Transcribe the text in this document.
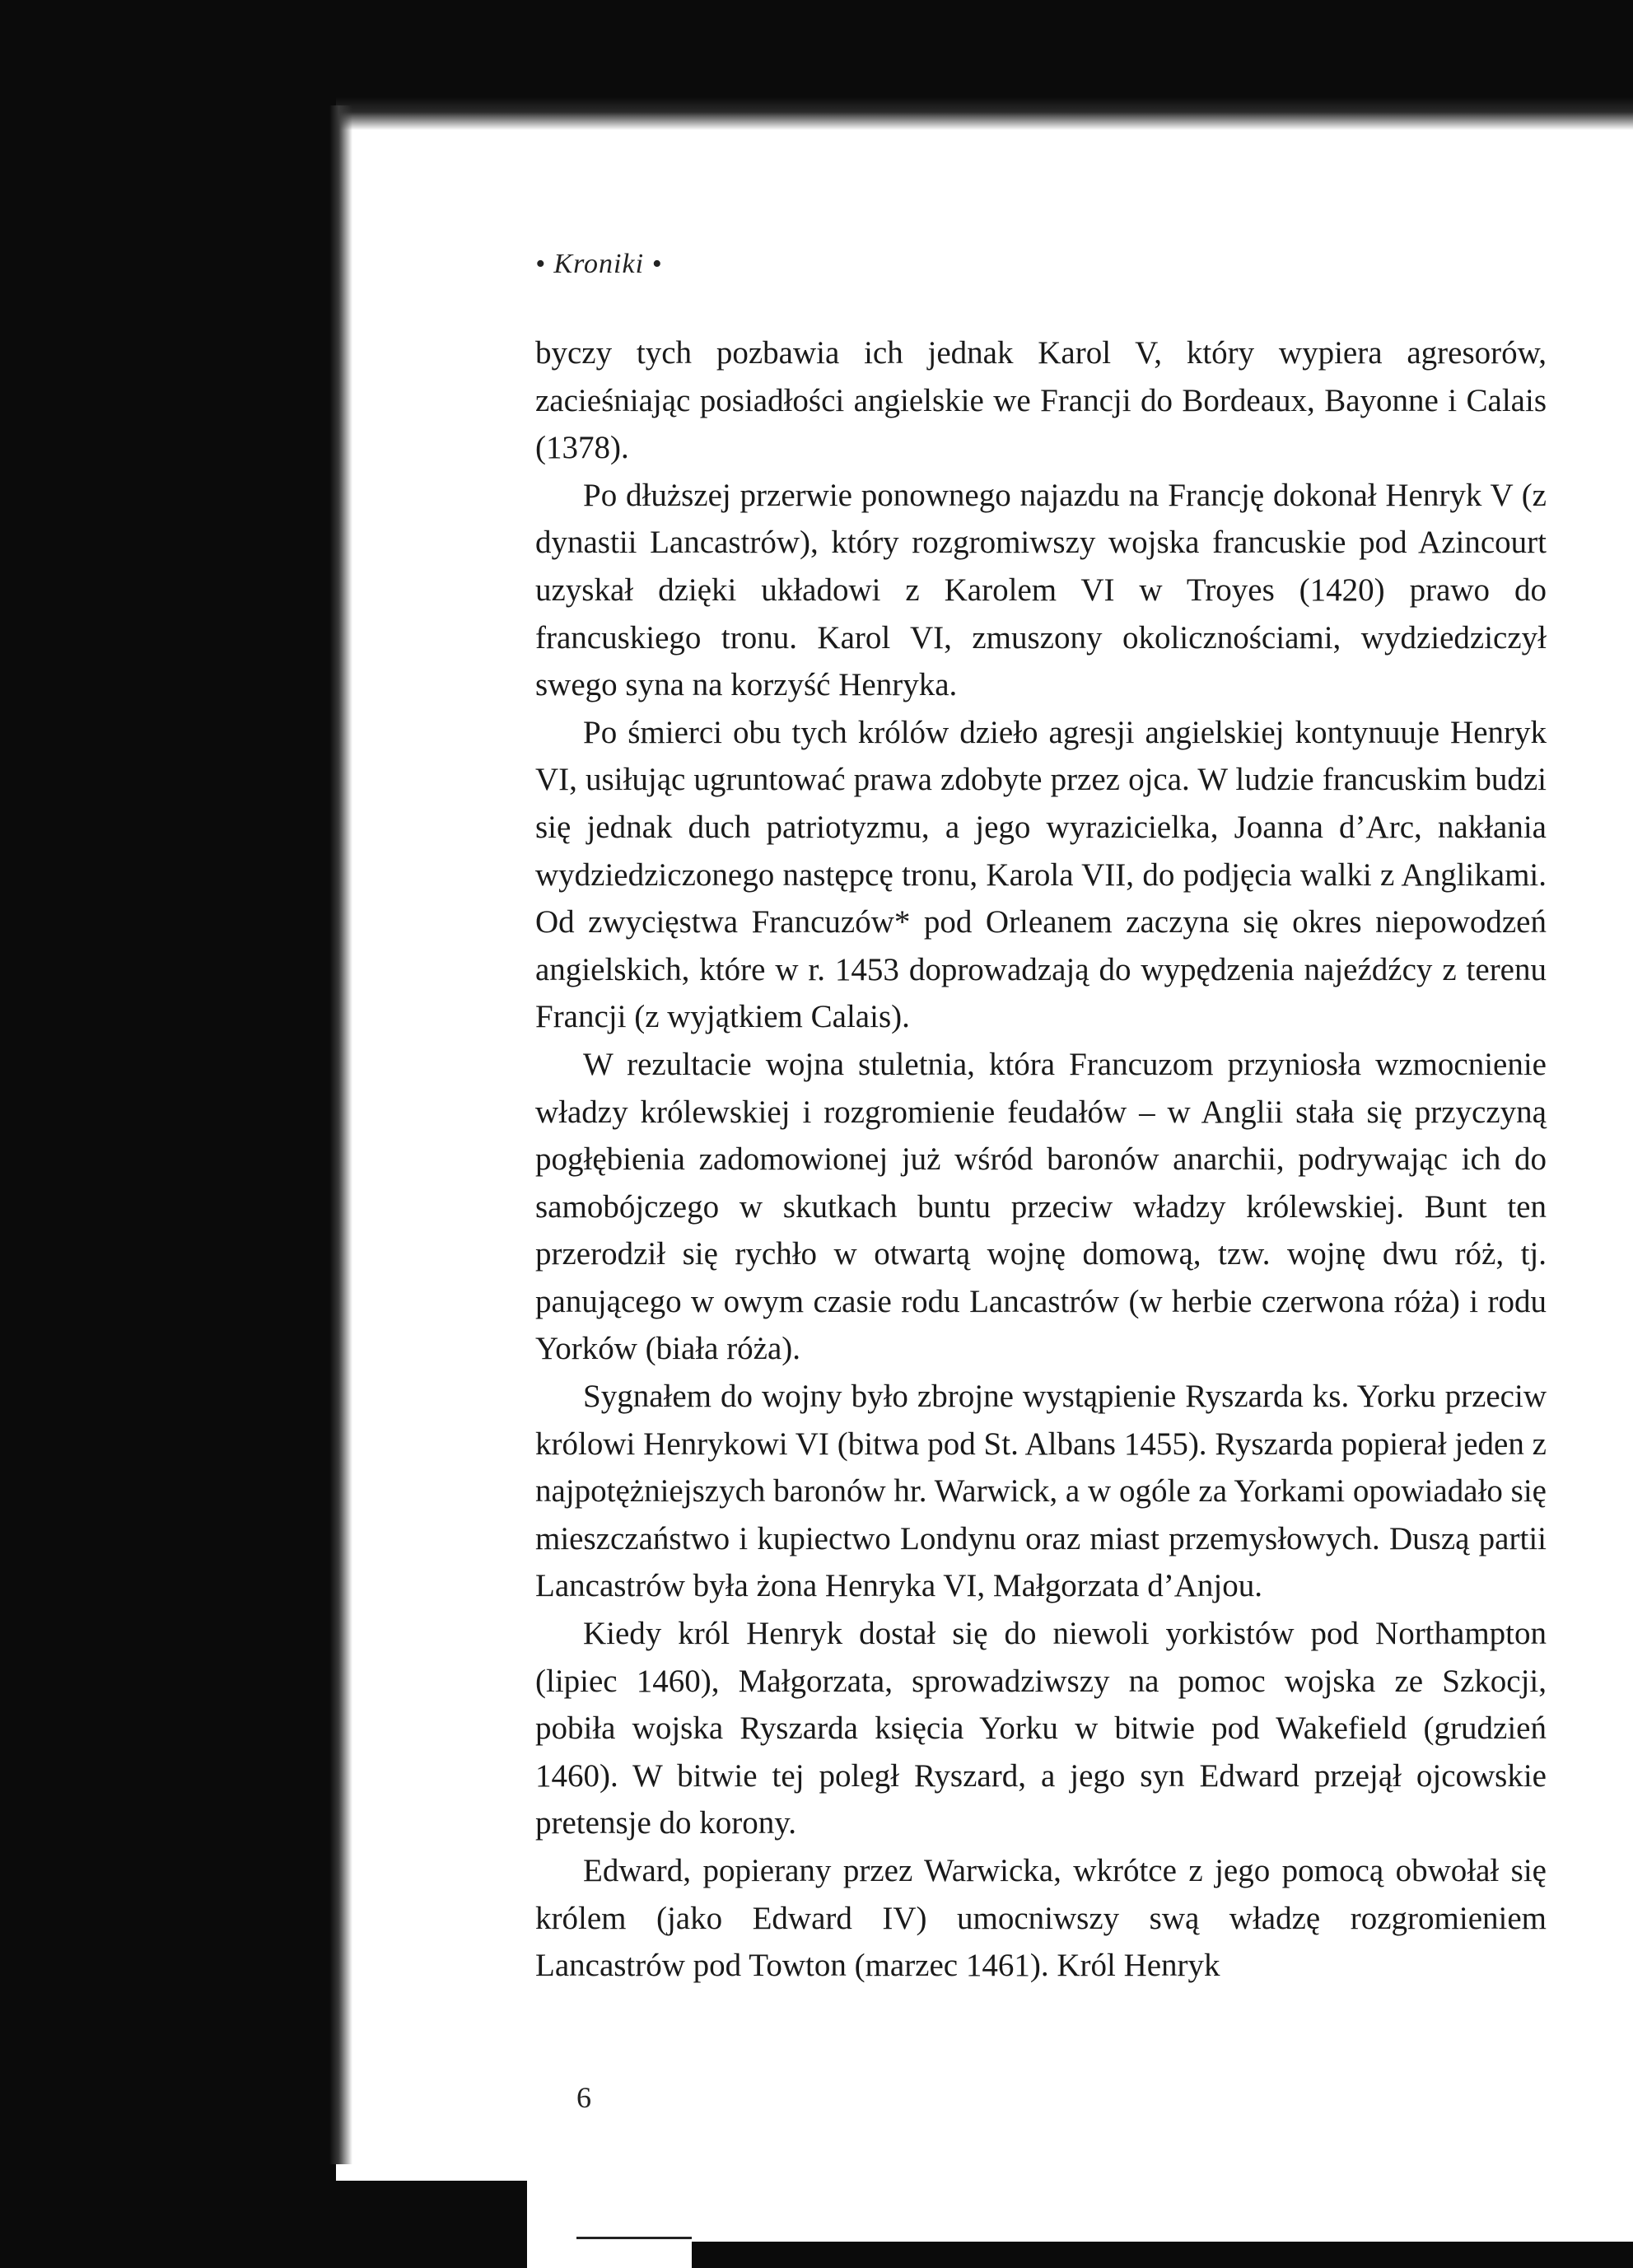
• Kroniki •

byczy tych pozbawia ich jednak Karol V, który wypiera agresorów, zacieśniając posiadłości angielskie we Francji do Bordeaux, Bayonne i Calais (1378).

Po dłuższej przerwie ponownego najazdu na Francję dokonał Henryk V (z dynastii Lancastrów), który rozgromiwszy wojska francuskie pod Azincourt uzyskał dzięki układowi z Karolem VI w Troyes (1420) prawo do francuskiego tronu. Karol VI, zmuszony okolicznościami, wydziedziczył swego syna na korzyść Henryka.

Po śmierci obu tych królów dzieło agresji angielskiej kontynuuje Henryk VI, usiłując ugruntować prawa zdobyte przez ojca. W ludzie francuskim budzi się jednak duch patriotyzmu, a jego wyrazicielka, Joanna d’Arc, nakłania wydziedziczonego następcę tronu, Karola VII, do podjęcia walki z Anglikami. Od zwycięstwa Francuzów* pod Orleanem zaczyna się okres niepowodzeń angielskich, które w r. 1453 doprowadzają do wypędzenia najeźdźcy z terenu Francji (z wyjątkiem Calais).

W rezultacie wojna stuletnia, która Francuzom przyniosła wzmocnienie władzy królewskiej i rozgromienie feudałów – w Anglii stała się przyczyną pogłębienia zadomowionej już wśród baronów anarchii, podrywając ich do samobójczego w skutkach buntu przeciw władzy królewskiej. Bunt ten przerodził się rychło w otwartą wojnę domową, tzw. wojnę dwu róż, tj. panującego w owym czasie rodu Lancastrów (w herbie czerwona róża) i rodu Yorków (biała róża).

Sygnałem do wojny było zbrojne wystąpienie Ryszarda ks. Yorku przeciw królowi Henrykowi VI (bitwa pod St. Albans 1455). Ryszarda popierał jeden z najpotężniejszych baronów hr. Warwick, a w ogóle za Yorkami opowiadało się mieszczaństwo i kupiectwo Londynu oraz miast przemysłowych. Duszą partii Lancastrów była żona Henryka VI, Małgorzata d’Anjou.

Kiedy król Henryk dostał się do niewoli yorkistów pod Northampton (lipiec 1460), Małgorzata, sprowadziwszy na pomoc wojska ze Szkocji, pobiła wojska Ryszarda księcia Yorku w bitwie pod Wakefield (grudzień 1460). W bitwie tej poległ Ryszard, a jego syn Edward przejął ojcowskie pretensje do korony.

Edward, popierany przez Warwicka, wkrótce z jego pomocą obwołał się królem (jako Edward IV) umocniwszy swą władzę rozgromieniem Lancastrów pod Towton (marzec 1461). Król Henryk

6
